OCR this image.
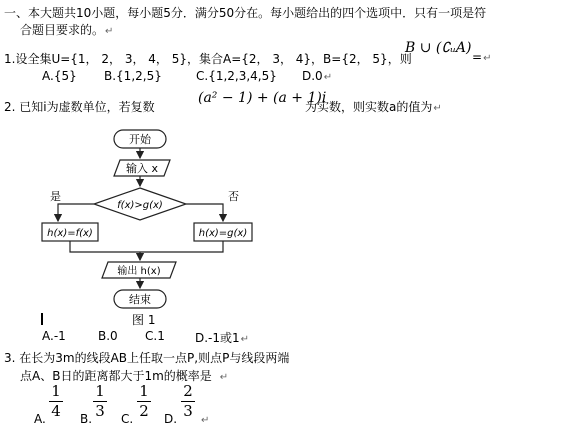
一、本大题共10小题，每小题5分．满分50分在。每小题给出的四个选项中．只有一项是符
合题目要求的。↵
1.设全集U={1， 2， 3， 4， 5}，集合A={2， 3， 4}，B={2， 5}，则
B ∪ (∁ᵤA)
=↵
A.{5} B.{1,2,5}	C.{1,2,3,4,5} D.0↵
2. 已知i为虚数单位，若复数
(a² − 1) + (a + 1)i
为实数，则实数a的值为↵
开始
输入 x
f(x)>g(x)
是	否
h(x)=f(x)	h(x)=g(x)
输出 h(x)
结束
图 1
A.-1	B.0 C.1	D.-1或1↵
3. 在长为3m的线段AB上任取一点P,则点P与线段两端
点A、B日的距离都大于1m的概率是 ↵
A.
1
4 B.
1
3 C.
1
2 D.
2
3
↵
